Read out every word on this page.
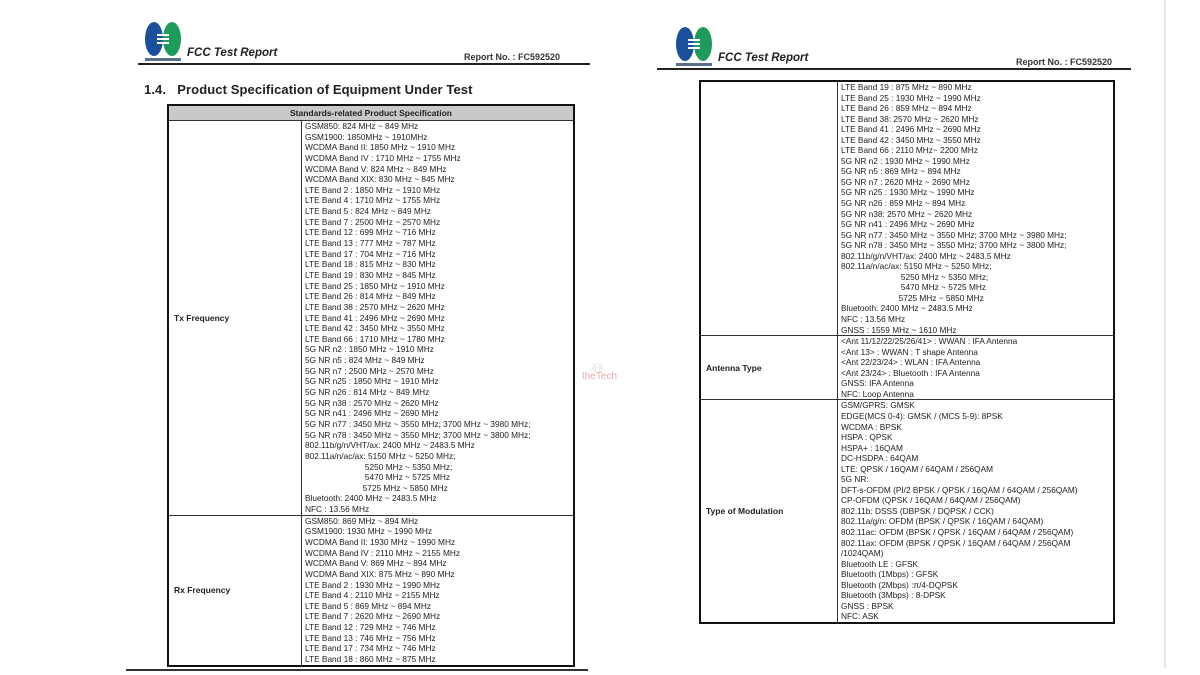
FCC Test Report	Report No. : FC592520
1.4.   Product Specification of Equipment Under Test
Standards-related Product Specification	
Tx Frequency	
GSM850: 824 MHz ~ 849 MHz
GSM1900: 1850MHz ~ 1910MHz
WCDMA Band II: 1850 MHz ~ 1910 MHz
WCDMA Band IV : 1710 MHz ~ 1755 MHz
WCDMA Band V: 824 MHz ~ 849 MHz
WCDMA Band XIX: 830 MHz ~ 845 MHz
LTE Band 2 : 1850 MHz ~ 1910 MHz
LTE Band 4 : 1710 MHz ~ 1755 MHz
LTE Band 5 : 824 MHz ~ 849 MHz
LTE Band 7 : 2500 MHz ~ 2570 MHz
LTE Band 12 : 699 MHz ~ 716 MHz
LTE Band 13 : 777 MHz ~ 787 MHz
LTE Band 17 : 704 MHz ~ 716 MHz
LTE Band 18 : 815 MHz ~ 830 MHz
LTE Band 19 : 830 MHz ~ 845 MHz
LTE Band 25 : 1850 MHz ~ 1910 MHz
LTE Band 26 : 814 MHz ~ 849 MHz
LTE Band 38 : 2570 MHz ~ 2620 MHz
LTE Band 41 : 2496 MHz ~ 2690 MHz
LTE Band 42 : 3450 MHz ~ 3550 MHz
LTE Band 66 : 1710 MHz ~ 1780 MHz
5G NR n2 : 1850 MHz ~ 1910 MHz
5G NR n5 : 824 MHz ~ 849 MHz
5G NR n7 : 2500 MHz ~ 2570 MHz
5G NR n25 : 1850 MHz ~ 1910 MHz
5G NR n26 : 814 MHz ~ 849 MHz
5G NR n38 : 2570 MHz ~ 2620 MHz
5G NR n41 : 2496 MHz ~ 2690 MHz
5G NR n77 : 3450 MHz ~ 3550 MHz; 3700 MHz ~ 3980 MHz;
5G NR n78 : 3450 MHz ~ 3550 MHz; 3700 MHz ~ 3800 MHz;
802.11b/g/n/VHT/ax: 2400 MHz ~ 2483.5 MHz
802.11a/n/ac/ax: 5150 MHz ~ 5250 MHz;
5250 MHz ~ 5350 MHz;
5470 MHz ~ 5725 MHz
5725 MHz ~ 5850 MHz
Bluetooth: 2400 MHz ~ 2483.5 MHz
NFC : 13.56 MHz

Rx Frequency	
GSM850: 869 MHz ~ 894 MHz
GSM1900: 1930 MHz ~ 1990 MHz
WCDMA Band II: 1930 MHz ~ 1990 MHz
WCDMA Band IV : 2110 MHz ~ 2155 MHz
WCDMA Band V: 869 MHz ~ 894 MHz
WCDMA Band XIX: 875 MHz ~ 890 MHz
LTE Band 2 : 1930 MHz ~ 1990 MHz
LTE Band 4 : 2110 MHz ~ 2155 MHz
LTE Band 5 : 869 MHz ~ 894 MHz
LTE Band 7 : 2620 MHz ~ 2690 MHz
LTE Band 12 : 729 MHz ~ 746 MHz
LTE Band 13 : 746 MHz ~ 756 MHz
LTE Band 17 : 734 MHz ~ 746 MHz
LTE Band 18 : 860 MHz ~ 875 MHz
((·))
theTech
FCC Test Report	Report No. : FC592520

LTE Band 19 : 875 MHz ~ 890 MHz
LTE Band 25 : 1930 MHz ~ 1990 MHz
LTE Band 26 : 859 MHz ~ 894 MHz
LTE Band 38: 2570 MHz ~ 2620 MHz
LTE Band 41 : 2496 MHz ~ 2690 MHz
LTE Band 42 : 3450 MHz ~ 3550 MHz
LTE Band 66 : 2110 MHz~ 2200 MHz
5G NR n2 : 1930 MHz ~ 1990 MHz
5G NR n5 : 869 MHz ~ 894 MHz
5G NR n7 : 2620 MHz ~ 2690 MHz
5G NR n25 : 1930 MHz ~ 1990 MHz
5G NR n26 : 859 MHz ~ 894 MHz
5G NR n38: 2570 MHz ~ 2620 MHz
5G NR n41 : 2496 MHz ~ 2690 MHz
5G NR n77 : 3450 MHz ~ 3550 MHz; 3700 MHz ~ 3980 MHz;
5G NR n78 : 3450 MHz ~ 3550 MHz; 3700 MHz ~ 3800 MHz;
802.11b/g/n/VHT/ax: 2400 MHz ~ 2483.5 MHz
802.11a/n/ac/ax: 5150 MHz ~ 5250 MHz;
5250 MHz ~ 5350 MHz;
5470 MHz ~ 5725 MHz
5725 MHz ~ 5850 MHz
Bluetooth: 2400 MHz ~ 2483.5 MHz
NFC : 13.56 MHz
GNSS : 1559 MHz ~ 1610 MHz

Antenna Type	
<Ant 11/12/22/25/26/41> : WWAN : IFA Antenna
<Ant 13> : WWAN : T shape Antenna
<Ant 22/23/24> : WLAN : IFA Antenna
<Ant 23/24> : Bluetooth : IFA Antenna
GNSS: IFA Antenna
NFC: Loop Antenna

Type of Modulation	
GSM/GPRS: GMSK
EDGE(MCS 0-4): GMSK / (MCS 5-9): 8PSK
WCDMA : BPSK
HSPA : QPSK
HSPA+ : 16QAM
DC-HSDPA : 64QAM
LTE: QPSK / 16QAM / 64QAM / 256QAM
5G NR:
DFT-s-OFDM (PI/2 BPSK / QPSK / 16QAM / 64QAM / 256QAM)
CP-OFDM (QPSK / 16QAM / 64QAM / 256QAM)
802.11b: DSSS (DBPSK / DQPSK / CCK)
802.11a/g/n: OFDM (BPSK / QPSK / 16QAM / 64QAM)
802.11ac: OFDM (BPSK / QPSK / 16QAM / 64QAM / 256QAM)
802.11ax: OFDM (BPSK / QPSK / 16QAM / 64QAM / 256QAM
/1024QAM)
Bluetooth LE : GFSK
Bluetooth (1Mbps) : GFSK
Bluetooth (2Mbps) :π/4-DQPSK
Bluetooth (3Mbps) : 8-DPSK
GNSS : BPSK
NFC: ASK
